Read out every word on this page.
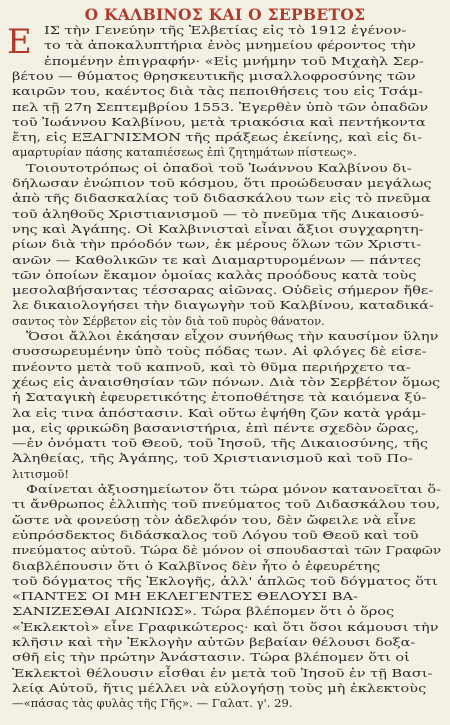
Ο ΚΑΛΒΙΝΟΣ ΚΑΙ Ο ΣΕΡΒΕΤΟΣ
Ε ΙΣ τὴν Γενεύην τῆς Ἑλβετίας εἰς τὸ 1912 ἐγένον-
το τὰ ἀποκαλυπτήρια ἑνὸς μνημείου φέροντος τὴν
ἑπομένην ἐπιγραφήν· «Εἰς μνήμην τοῦ Μιχαὴλ Σερ-
βέτου — θύματος θρησκευτικῆς μισαλλοφροσύνης τῶν
καιρῶν του, καέντος διὰ τὰς πεποιθήσεις του εἰς Τσάμ-
πελ τῇ 27η Σεπτεμβρίου 1553. Ἐγερθὲν ὑπὸ τῶν ὀπαδῶν
τοῦ Ἰωάννου Καλβίνου, μετὰ τριακόσια καὶ πεντήκοντα
ἔτη, εἰς ΕΞΑΓΝΙΣΜΟΝ τῆς πράξεως ἐκείνης, καὶ εἰς δι-
αμαρτυρίαν πάσης καταπιέσεως ἐπὶ ζητημάτων πίστεως».
Τοιουτοτρόπως οἱ ὀπαδοὶ τοῦ Ἰωάννου Καλβίνου δι-
δήλωσαν ἐνώπιον τοῦ κόσμου, ὅτι προώδευσαν μεγάλως
ἀπὸ τῆς διδασκαλίας τοῦ διδασκάλου των εἰς τὸ πνεῦμα
τοῦ ἀληθοῦς Χριστιανισμοῦ — τὸ πνεῦμα τῆς Δικαιοσύ-
νης καὶ Ἀγάπης. Οἱ Καλβινισταὶ εἶναι ἄξιοι συγχαρητη-
ρίων διὰ τὴν πρόοδόν των, ἐκ μέρους ὅλων τῶν Χριστι-
ανῶν — Καθολικῶν τε καὶ Διαμαρτυρομένων — πάντες
τῶν ὁποίων ἔκαμον ὁμοίας καλὰς προόδους κατὰ τοὺς
μεσολαβήσαντας τέσσαρας αἰῶνας. Οὐδεὶς σήμερον ἤθε-
λε δικαιολογήσει τὴν διαγωγὴν τοῦ Καλβίνου, καταδικά-
σαντος τὸν Σέρβετον εἰς τὸν διὰ τοῦ πυρὸς θάνατον.
Ὅσοι ἄλλοι ἐκάησαν εἶχον συνήθως τὴν καυσίμον ὕλην
συσσωρευμένην ὑπὸ τοὺς πόδας των. Αἱ φλόγες δὲ εἰσε-
πνέοντο μετὰ τοῦ καπνοῦ, καὶ τὸ θῦμα περιήρχετο τα-
χέως εἰς ἀναισθησίαν τῶν πόνων. Διὰ τὸν Σερβέτον ὅμως
ἡ Σαταγικὴ ἐφευρετικότης ἐτοποθέτησε τὰ καιόμενα ξύ-
λα εἰς τινα ἀπόστασιν. Καὶ οὕτω ἐψήθη ζῶν κατὰ γράμ-
μα, εἰς φρικώδη βασανιστήρια, ἐπὶ πέντε σχεδὸν ὥρας,
—ἐν ὀνόματι τοῦ Θεοῦ, τοῦ Ἰησοῦ, τῆς Δικαιοσύνης, τῆς
Ἀληθείας, τῆς Ἀγάπης, τοῦ Χριστιανισμοῦ καὶ τοῦ Πο-
λιτισμοῦ!
Φαίνεται ἀξιοσημείωτον ὅτι τώρα μόνον κατανοεῖται ὅ-
τι ἄνθρωπος ἐλλιπὴς τοῦ πνεύματος τοῦ Διδασκάλου του,
ὥστε νὰ φονεύσῃ τὸν ἀδελφόν του, δὲν ὤφειλε νὰ εἶνε
εὐπρόσδεκτος διδάσκαλος τοῦ Λόγου τοῦ Θεοῦ καὶ τοῦ
πνεύματος αὐτοῦ. Τώρα δὲ μόνον οἱ σπουδασταὶ τῶν Γραφῶν
διαβλέπουσιν ὅτι ὁ Καλβῖνος δὲν ἦτο ὁ ἐφευρέτης
τοῦ δόγματος τῆς Ἐκλογῆς, ἀλλ' ἁπλῶς τοῦ δόγματος ὅτι
«ΠΑΝΤΕΣ ΟΙ ΜΗ ΕΚΛΕΓΕΝΤΕΣ ΘΕΛΟΥΣΙ ΒΑ-
ΣΑΝΙΖΕΣΘΑΙ ΑΙΩΝΙΩΣ». Τώρα βλέπομεν ὅτι ὁ ὅρος
«Ἐκλεκτοὶ» εἶνε Γραφικώτερος· καὶ ὅτι ὅσοι κάμουσι τὴν
κλῆσιν καὶ τὴν Ἐκλογὴν αὐτῶν βεβαίαν θέλουσι δοξα-
σθῆ εἰς τὴν πρώτην Ἀνάστασιν. Τώρα βλέπομεν ὅτι οἱ
Ἐκλεκτοὶ θέλουσιν εἶσθαι ἐν μετὰ τοῦ Ἰησοῦ ἐν τῇ Βασι-
λείᾳ Αὐτοῦ, ἥτις μέλλει νὰ εὐλογήσῃ τοὺς μὴ ἐκλεκτοὺς
—«πάσας τὰς φυλὰς τῆς Γῆς». — Γαλατ. γ'. 29.
